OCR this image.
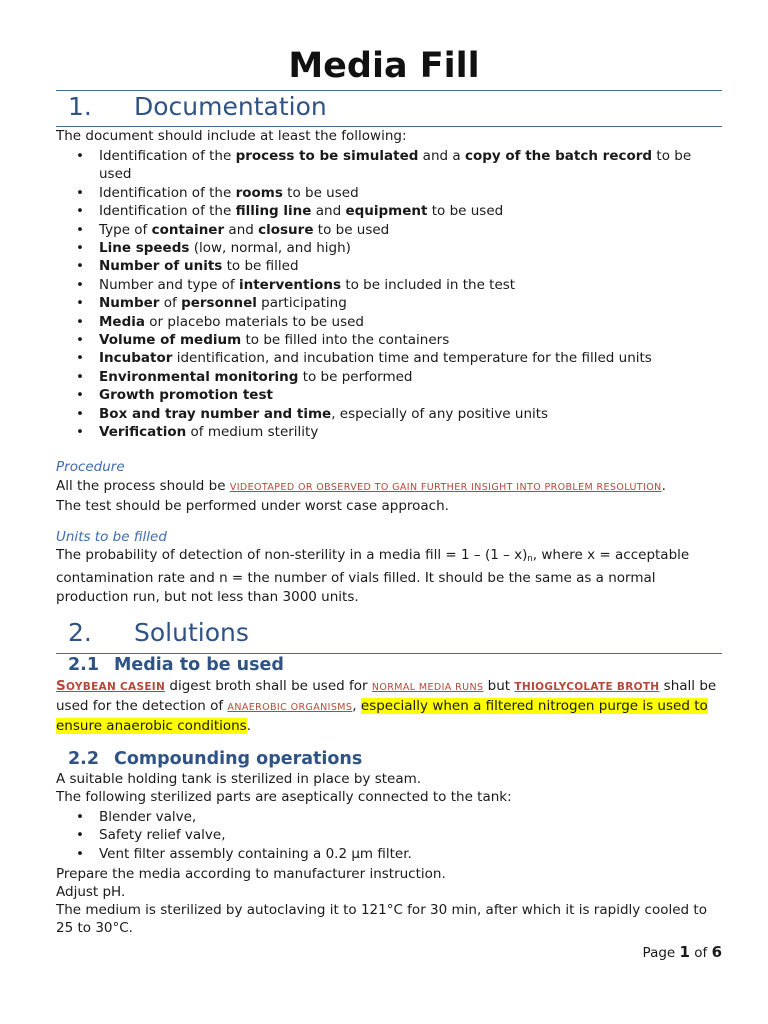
Media Fill
1. Documentation
The document should include at least the following:
• Identification of the process to be simulated and a copy of the batch record to be used
• Identification of the rooms to be used
• Identification of the filling line and equipment to be used
• Type of container and closure to be used
• Line speeds (low, normal, and high)
• Number of units to be filled
• Number and type of interventions to be included in the test
• Number of personnel participating
• Media or placebo materials to be used
• Volume of medium to be filled into the containers
• Incubator identification, and incubation time and temperature for the filled units
• Environmental monitoring to be performed
• Growth promotion test
• Box and tray number and time, especially of any positive units
• Verification of medium sterility
Procedure
All the process should be VIDEOTAPED OR OBSERVED TO GAIN FURTHER INSIGHT INTO PROBLEM RESOLUTION.
The test should be performed under worst case approach.
Units to be filled
The probability of detection of non-sterility in a media fill = $1 - (1 - x)_n$, where x = acceptable contamination rate and n = the number of vials filled. It should be the same as a normal production run, but not less than 3000 units.
2. Solutions
2.1 Media to be used
SOYBEAN CASEIN digest broth shall be used for NORMAL MEDIA RUNS but THIOGLYCOLATE BROTH shall be used for the detection of ANAEROBIC ORGANISMS, especially when a filtered nitrogen purge is used to ensure anaerobic conditions.
2.2 Compounding operations
A suitable holding tank is sterilized in place by steam.
The following sterilized parts are aseptically connected to the tank:
• Blender valve,
• Safety relief valve,
• Vent filter assembly containing a 0.2 µm filter.
Prepare the media according to manufacturer instruction.
Adjust pH.
The medium is sterilized by autoclaving it to 121°C for 30 min, after which it is rapidly cooled to 25 to 30°C.
Page 1 of 6
